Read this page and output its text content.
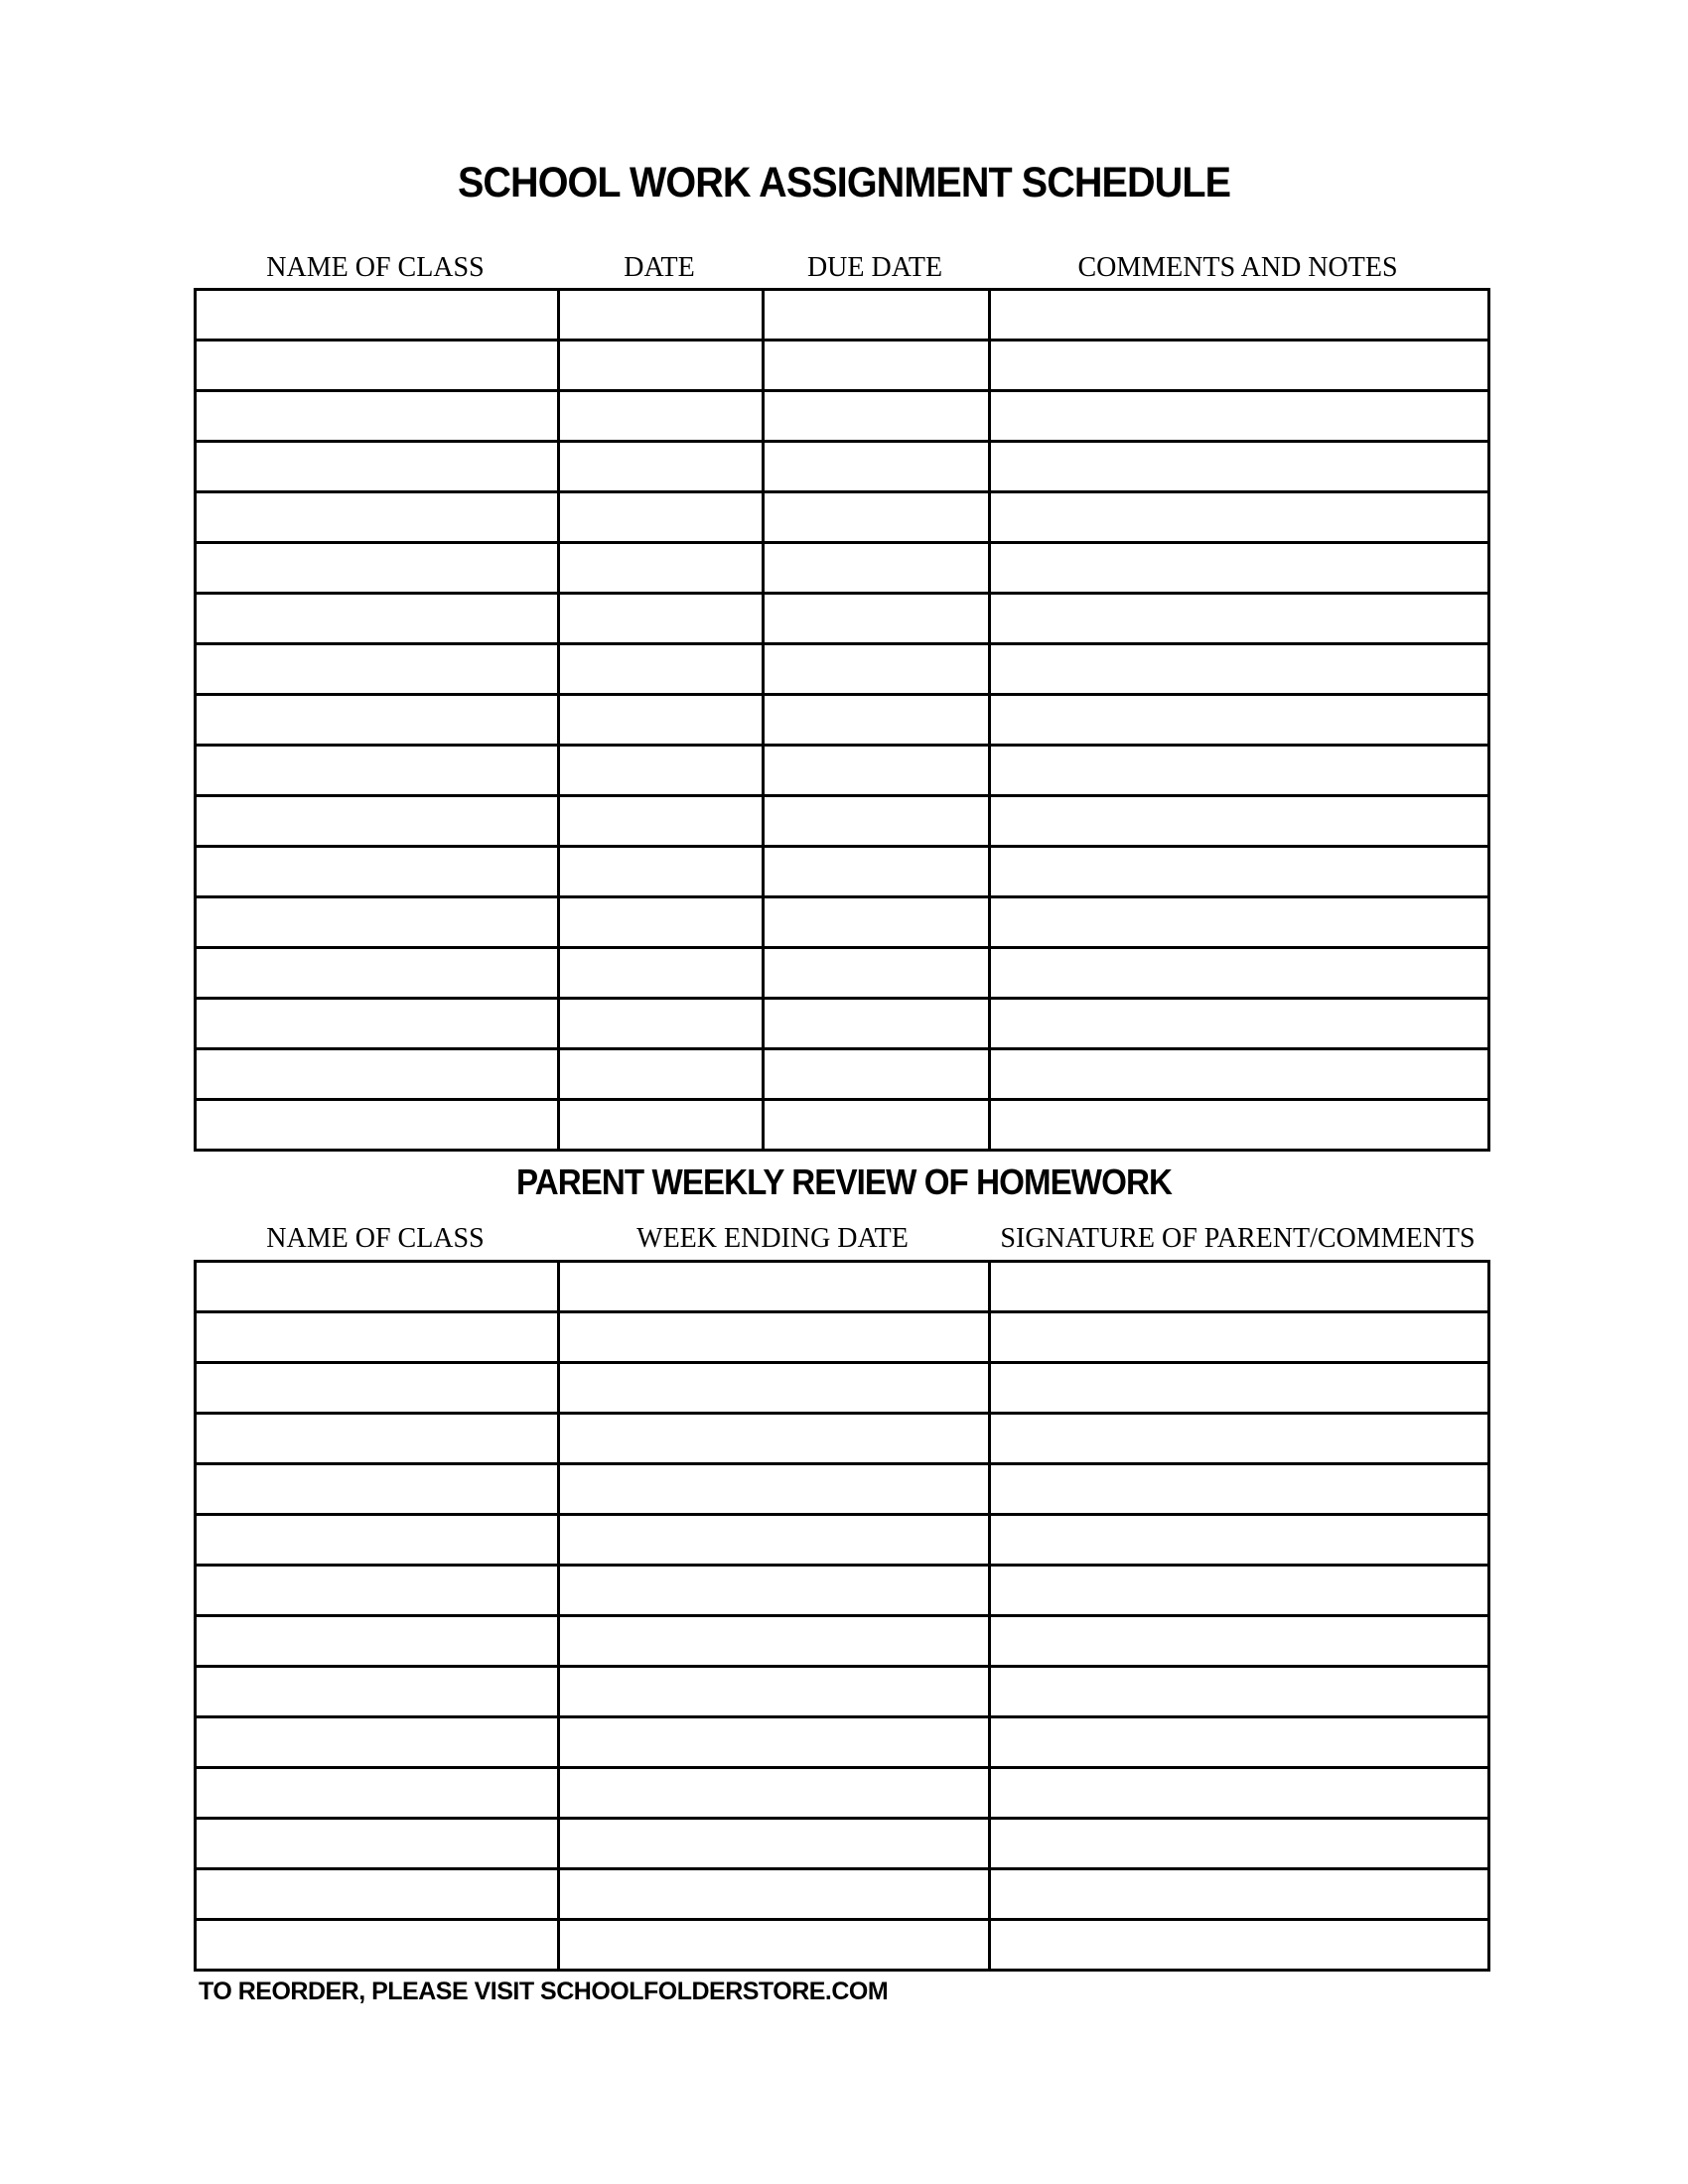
SCHOOL WORK ASSIGNMENT SCHEDULE
NAME OF CLASS	DATE	DUE DATE	COMMENTS AND NOTES

PARENT WEEKLY REVIEW OF HOMEWORK
NAME OF CLASS	WEEK ENDING DATE	SIGNATURE OF PARENT/COMMENTS

TO REORDER, PLEASE VISIT SCHOOLFOLDERSTORE.COM
